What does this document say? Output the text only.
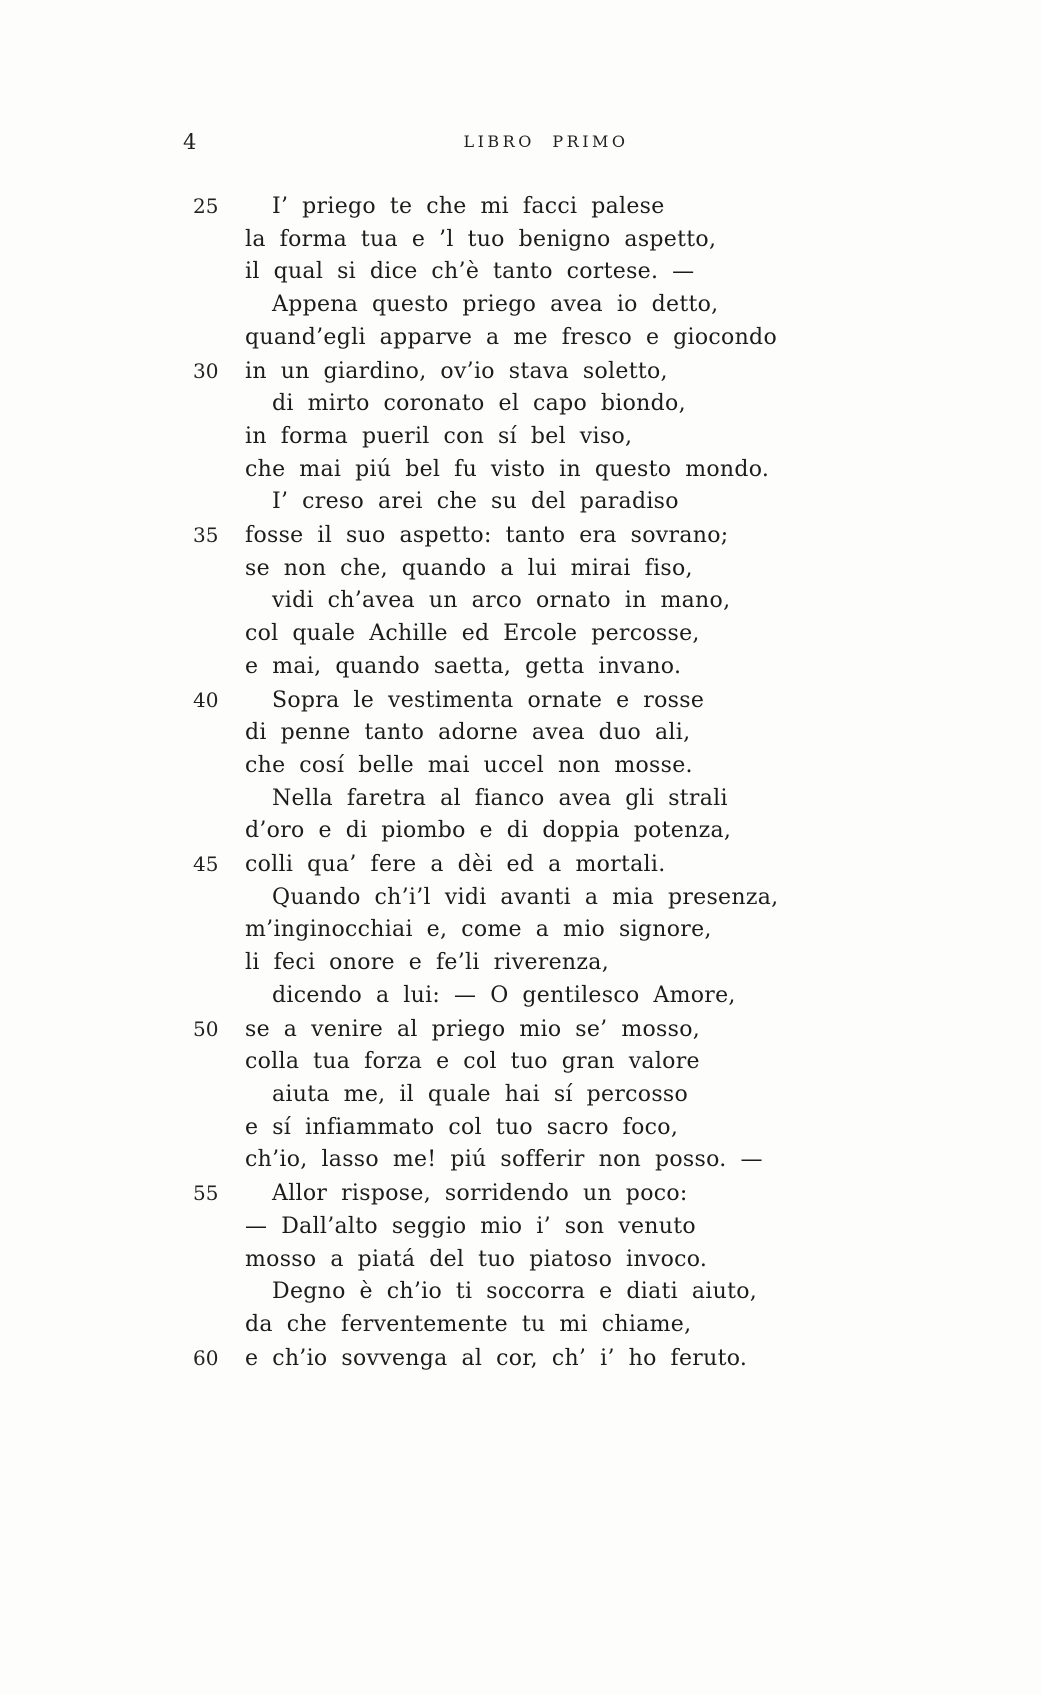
4	LIBRO PRIMO
25	I’ priego te che mi facci palese
la forma tua e ’l tuo benigno aspetto,
il qual si dice ch’è tanto cortese. —
Appena questo priego avea io detto,
quand’egli apparve a me fresco e giocondo
30	in un giardino, ov’io stava soletto,
di mirto coronato el capo biondo,
in forma pueril con sí bel viso,
che mai piú bel fu visto in questo mondo.
I’ creso arei che su del paradiso
35	fosse il suo aspetto: tanto era sovrano;
se non che, quando a lui mirai fiso,
vidi ch’avea un arco ornato in mano,
col quale Achille ed Ercole percosse,
e mai, quando saetta, getta invano.
40	Sopra le vestimenta ornate e rosse
di penne tanto adorne avea duo ali,
che cosí belle mai uccel non mosse.
Nella faretra al fianco avea gli strali
d’oro e di piombo e di doppia potenza,
45	colli qua’ fere a dèi ed a mortali.
Quando ch’i’l vidi avanti a mia presenza,
m’inginocchiai e, come a mio signore,
li feci onore e fe’li riverenza,
dicendo a lui: — O gentilesco Amore,
50	se a venire al priego mio se’ mosso,
colla tua forza e col tuo gran valore
aiuta me, il quale hai sí percosso
e sí infiammato col tuo sacro foco,
ch’io, lasso me! piú sofferir non posso. —
55	Allor rispose, sorridendo un poco:
— Dall’alto seggio mio i’ son venuto
mosso a piatá del tuo piatoso invoco.
Degno è ch’io ti soccorra e diati aiuto,
da che ferventemente tu mi chiame,
60	e ch’io sovvenga al cor, ch’ i’ ho feruto.
